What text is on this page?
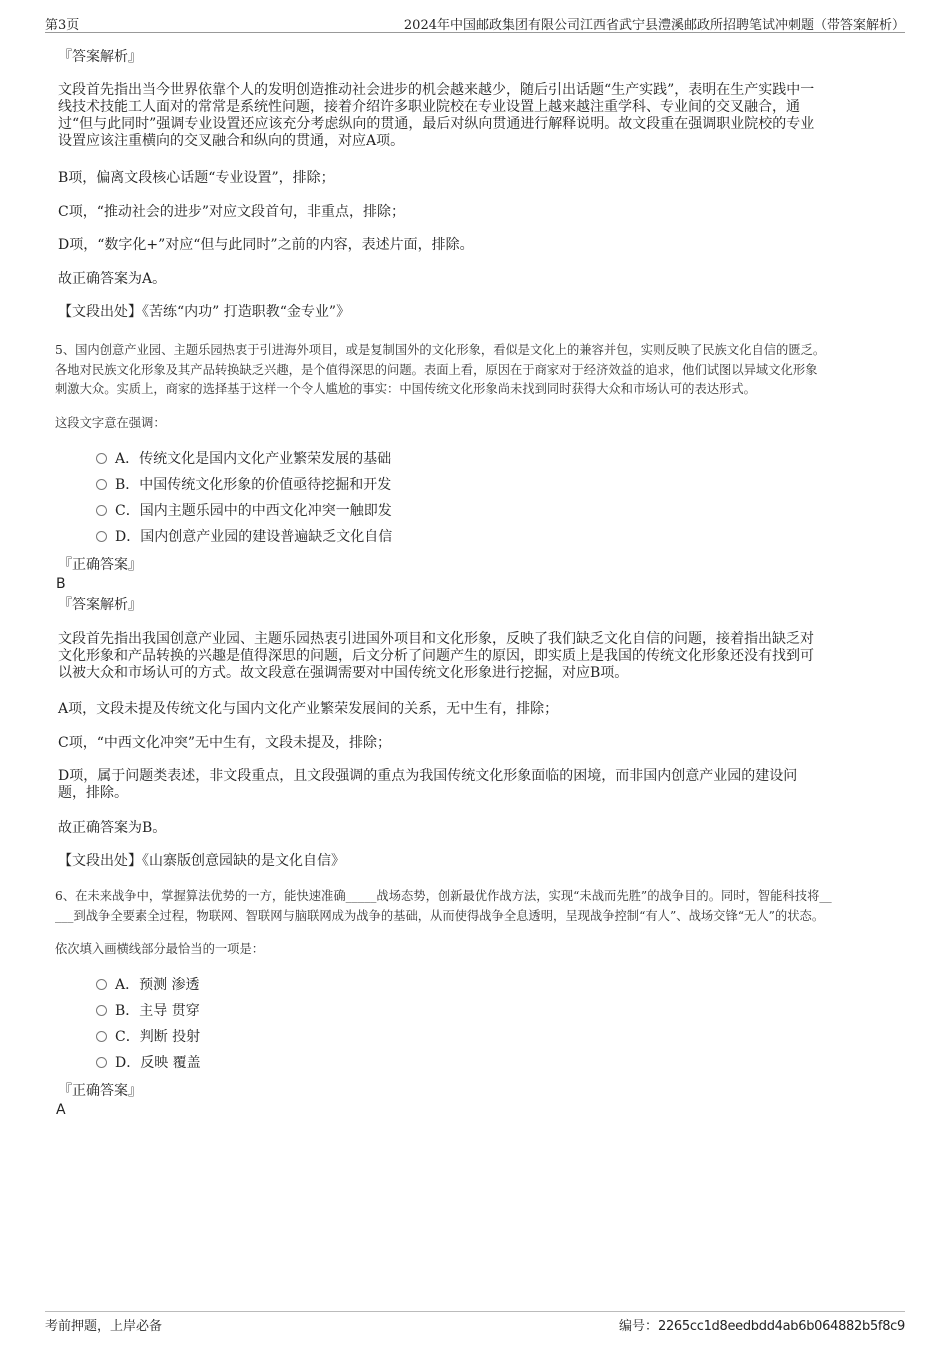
第3页	2024年中国邮政集团有限公司江西省武宁县澧溪邮政所招聘笔试冲刺题（带答案解析）
『答案解析』
文段首先指出当今世界依靠个人的发明创造推动社会进步的机会越来越少，随后引出话题“生产实践”，表明在生产实践中一
线技术技能工人面对的常常是系统性问题，接着介绍许多职业院校在专业设置上越来越注重学科、专业间的交叉融合，通
过“但与此同时”强调专业设置还应该充分考虑纵向的贯通，最后对纵向贯通进行解释说明。故文段重在强调职业院校的专业
设置应该注重横向的交叉融合和纵向的贯通，对应A项。
B项，偏离文段核心话题“专业设置”，排除；
C项，“推动社会的进步”对应文段首句，非重点，排除；
D项，“数字化+”对应“但与此同时”之前的内容，表述片面，排除。
故正确答案为A。
【文段出处】《苦练“内功” 打造职教“金专业”》
5、国内创意产业园、主题乐园热衷于引进海外项目，或是复制国外的文化形象，看似是文化上的兼容并包，实则反映了民族文化自信的匮乏。
各地对民族文化形象及其产品转换缺乏兴趣，是个值得深思的问题。表面上看，原因在于商家对于经济效益的追求，他们试图以异域文化形象
刺激大众。实质上，商家的选择基于这样一个令人尴尬的事实：中国传统文化形象尚未找到同时获得大众和市场认可的表达形式。
这段文字意在强调：
A．传统文化是国内文化产业繁荣发展的基础
B．中国传统文化形象的价值亟待挖掘和开发
C．国内主题乐园中的中西文化冲突一触即发
D．国内创意产业园的建设普遍缺乏文化自信
『正确答案』
B
『答案解析』
文段首先指出我国创意产业园、主题乐园热衷引进国外项目和文化形象，反映了我们缺乏文化自信的问题，接着指出缺乏对
文化形象和产品转换的兴趣是值得深思的问题，后文分析了问题产生的原因，即实质上是我国的传统文化形象还没有找到可
以被大众和市场认可的方式。故文段意在强调需要对中国传统文化形象进行挖掘，对应B项。
A项，文段未提及传统文化与国内文化产业繁荣发展间的关系，无中生有，排除；
C项，“中西文化冲突”无中生有，文段未提及，排除；
D项，属于问题类表述，非文段重点，且文段强调的重点为我国传统文化形象面临的困境，而非国内创意产业园的建设问
题，排除。
故正确答案为B。
【文段出处】《山寨版创意园缺的是文化自信》
6、在未来战争中，掌握算法优势的一方，能快速准确_____战场态势，创新最优作战方法，实现“未战而先胜”的战争目的。同时，智能科技将__
___到战争全要素全过程，物联网、智联网与脑联网成为战争的基础，从而使得战争全息透明，呈现战争控制“有人”、战场交锋“无人”的状态。
依次填入画横线部分最恰当的一项是：
A．预测 渗透
B．主导 贯穿
C．判断 投射
D．反映 覆盖
『正确答案』
A
考前押题，上岸必备	编号：2265cc1d8eedbdd4ab6b064882b5f8c9
